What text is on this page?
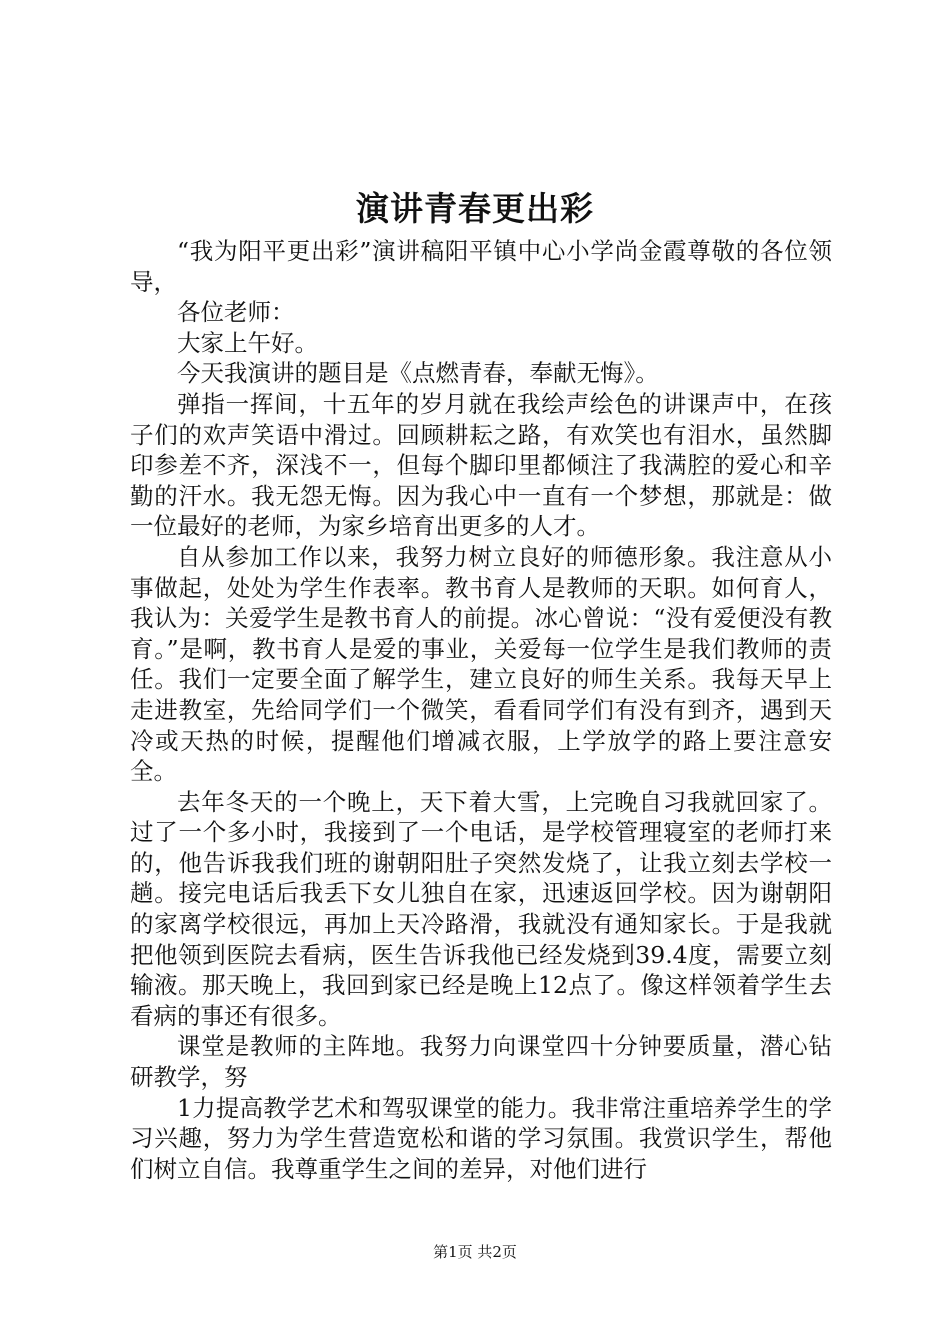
演讲青春更出彩

“我为阳平更出彩”演讲稿阳平镇中心小学尚金霞尊敬的各位领导，

各位老师：

大家上午好。

今天我演讲的题目是《点燃青春，奉献无悔》。

弹指一挥间，十五年的岁月就在我绘声绘色的讲课声中，在孩子们的欢声笑语中滑过。回顾耕耘之路，有欢笑也有泪水，虽然脚印参差不齐，深浅不一，但每个脚印里都倾注了我满腔的爱心和辛勤的汗水。我无怨无悔。因为我心中一直有一个梦想，那就是：做一位最好的老师，为家乡培育出更多的人才。

自从参加工作以来，我努力树立良好的师德形象。我注意从小事做起，处处为学生作表率。教书育人是教师的天职。如何育人，我认为：关爱学生是教书育人的前提。冰心曾说：“没有爱便没有教育。”是啊，教书育人是爱的事业，关爱每一位学生是我们教师的责任。我们一定要全面了解学生，建立良好的师生关系。我每天早上走进教室，先给同学们一个微笑，看看同学们有没有到齐，遇到天冷或天热的时候，提醒他们增减衣服，上学放学的路上要注意安全。

去年冬天的一个晚上，天下着大雪，上完晚自习我就回家了。过了一个多小时，我接到了一个电话，是学校管理寝室的老师打来的，他告诉我我们班的谢朝阳肚子突然发烧了，让我立刻去学校一趟。接完电话后我丢下女儿独自在家，迅速返回学校。因为谢朝阳的家离学校很远，再加上天冷路滑，我就没有通知家长。于是我就把他领到医院去看病，医生告诉我他已经发烧到39.4度，需要立刻输液。那天晚上，我回到家已经是晚上12点了。像这样领着学生去看病的事还有很多。

课堂是教师的主阵地。我努力向课堂四十分钟要质量，潜心钻研教学，努

1力提高教学艺术和驾驭课堂的能力。我非常注重培养学生的学习兴趣，努力为学生营造宽松和谐的学习氛围。我赏识学生，帮他们树立自信。我尊重学生之间的差异，对他们进行

第1页 共2页
